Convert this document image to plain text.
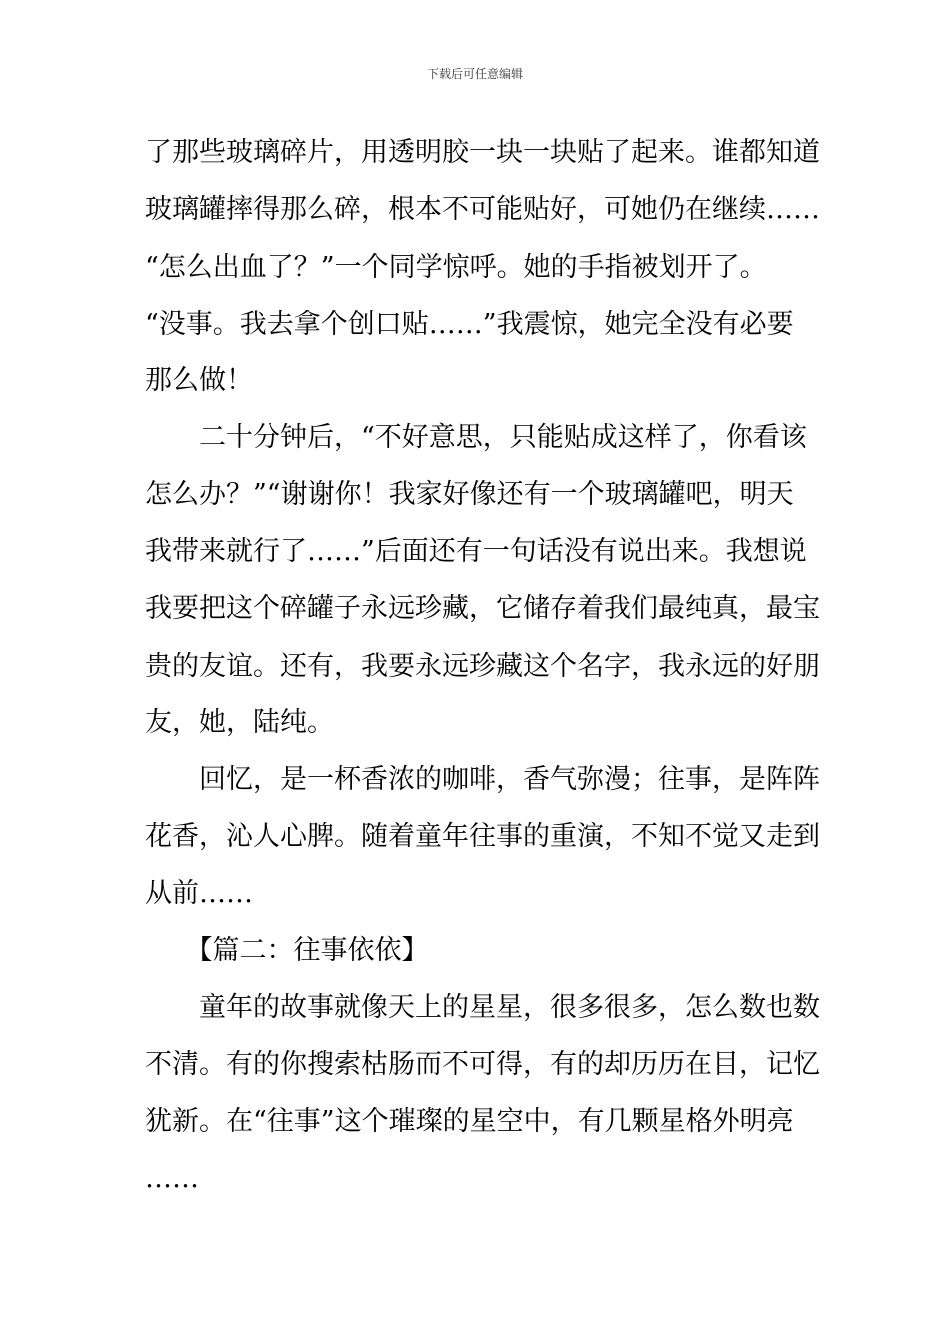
下载后可任意编辑
了那些玻璃碎片，用透明胶一块一块贴了起来。谁都知道
玻璃罐摔得那么碎，根本不可能贴好，可她仍在继续……
“怎么出血了？”一个同学惊呼。她的手指被划开了。
“没事。我去拿个创口贴……”我震惊，她完全没有必要
那么做！
　　二十分钟后，“不好意思，只能贴成这样了，你看该
怎么办？”“谢谢你！我家好像还有一个玻璃罐吧，明天
我带来就行了……”后面还有一句话没有说出来。我想说
我要把这个碎罐子永远珍藏，它储存着我们最纯真，最宝
贵的友谊。还有，我要永远珍藏这个名字，我永远的好朋
友，她，陆纯。
　　回忆，是一杯香浓的咖啡，香气弥漫；往事，是阵阵
花香，沁人心脾。随着童年往事的重演，不知不觉又走到
从前……
　　【篇二：往事依依】
　　童年的故事就像天上的星星，很多很多，怎么数也数
不清。有的你搜索枯肠而不可得，有的却历历在目，记忆
犹新。在“往事”这个璀璨的星空中，有几颗星格外明亮
……
